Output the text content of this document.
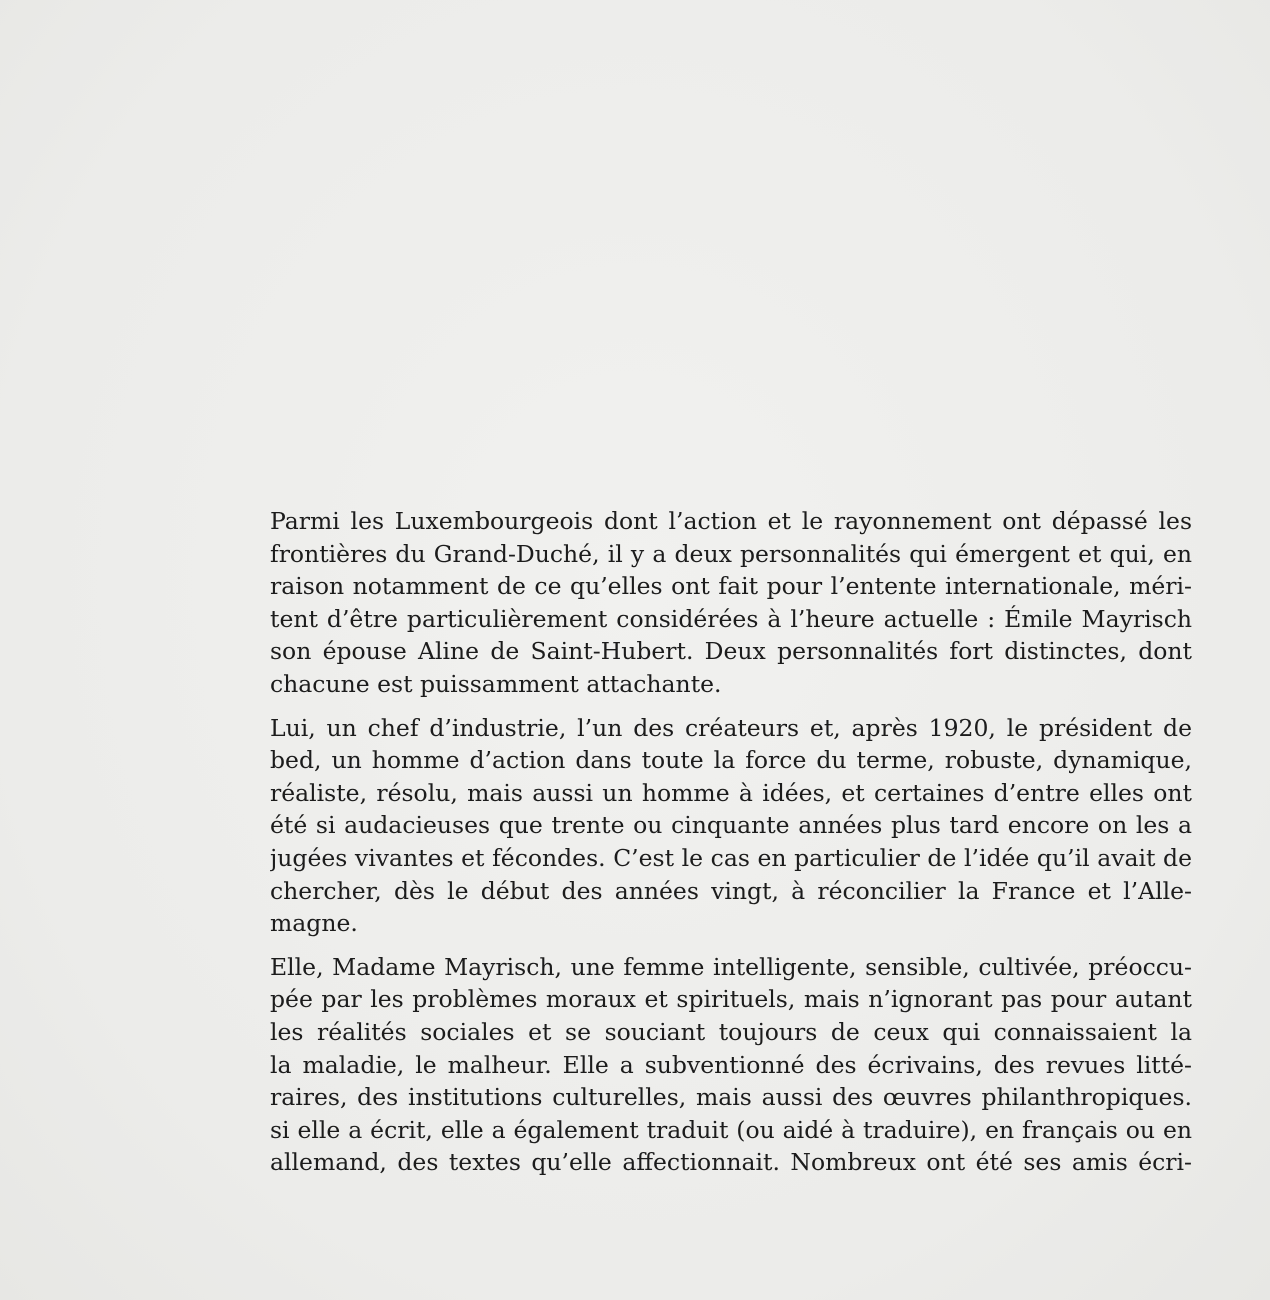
Parmi les Luxembourgeois dont l’action et le rayonnement ont dépassé les
frontières du Grand-Duché, il y a deux personnalités qui émergent et qui, en
raison notamment de ce qu’elles ont fait pour l’entente internationale, méri-
tent d’être particulièrement considérées à l’heure actuelle : Émile Mayrisch
son épouse Aline de Saint-Hubert. Deux personnalités fort distinctes, dont
chacune est puissamment attachante.
Lui, un chef d’industrie, l’un des créateurs et, après 1920, le président de
bed, un homme d’action dans toute la force du terme, robuste, dynamique,
réaliste, résolu, mais aussi un homme à idées, et certaines d’entre elles ont
été si audacieuses que trente ou cinquante années plus tard encore on les a
jugées vivantes et fécondes. C’est le cas en particulier de l’idée qu’il avait de
chercher, dès le début des années vingt, à réconcilier la France et l’Alle-
magne.
Elle, Madame Mayrisch, une femme intelligente, sensible, cultivée, préoccu-
pée par les problèmes moraux et spirituels, mais n’ignorant pas pour autant
les réalités sociales et se souciant toujours de ceux qui connaissaient la
la maladie, le malheur. Elle a subventionné des écrivains, des revues litté-
raires, des institutions culturelles, mais aussi des œuvres philanthropiques.
si elle a écrit, elle a également traduit (ou aidé à traduire), en français ou en
allemand, des textes qu’elle affectionnait. Nombreux ont été ses amis écri-
